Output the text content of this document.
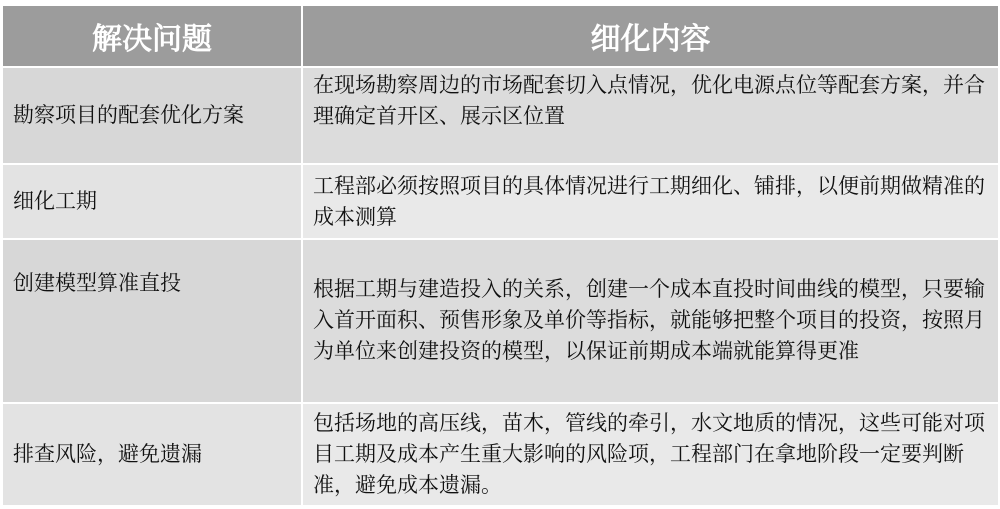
解决问题	细化内容
勘察项目的配套优化方案	在现场勘察周边的市场配套切入点情况，优化电源点位等配套方案，并合理确定首开区、展示区位置
细化工期	工程部必须按照项目的具体情况进行工期细化、铺排，以便前期做精准的成本测算
创建模型算准直投	根据工期与建造投入的关系，创建一个成本直投时间曲线的模型，只要输入首开面积、预售形象及单价等指标，就能够把整个项目的投资，按照月为单位来创建投资的模型，以保证前期成本端就能算得更准
排查风险，避免遗漏	包括场地的高压线，苗木，管线的牵引，水文地质的情况，这些可能对项目工期及成本产生重大影响的风险项，工程部门在拿地阶段一定要判断准，避免成本遗漏。
